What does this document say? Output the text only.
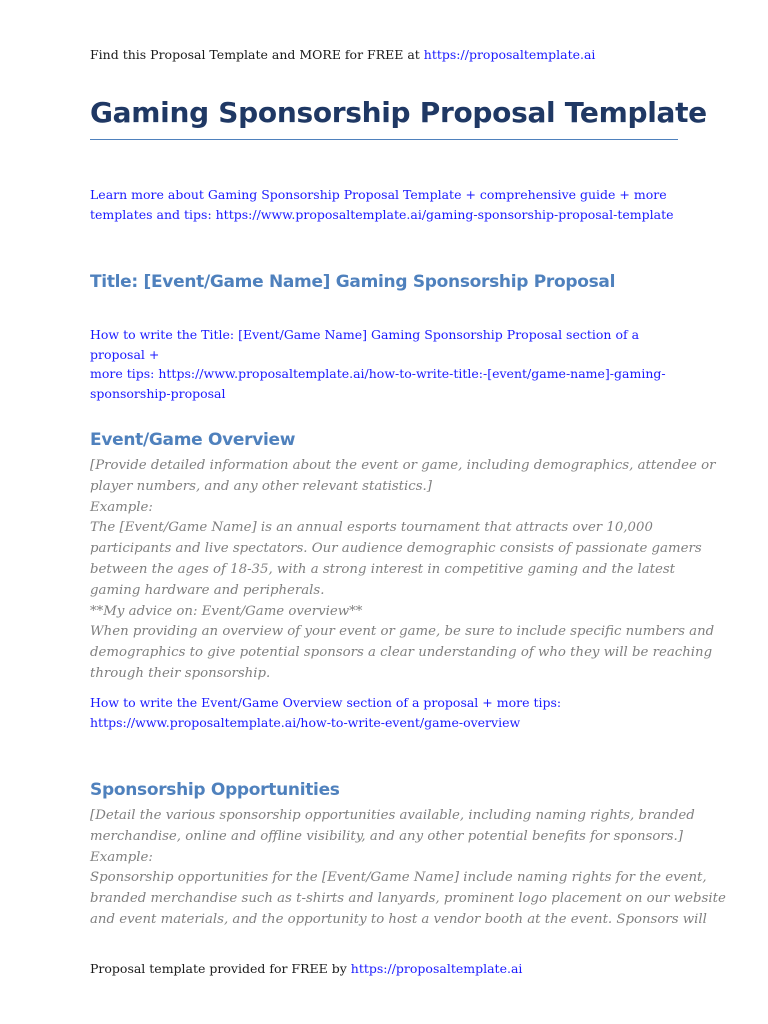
Find this Proposal Template and MORE for FREE at https://proposaltemplate.ai
Gaming Sponsorship Proposal Template
Learn more about Gaming Sponsorship Proposal Template + comprehensive guide + more
templates and tips: https://www.proposaltemplate.ai/gaming-sponsorship-proposal-template
Title: [Event/Game Name] Gaming Sponsorship Proposal
How to write the Title: [Event/Game Name] Gaming Sponsorship Proposal section of a proposal +
more tips: https://www.proposaltemplate.ai/how-to-write-title:-[event/game-name]-gaming-
sponsorship-proposal
Event/Game Overview
[Provide detailed information about the event or game, including demographics, attendee or
player numbers, and any other relevant statistics.]
Example:
The [Event/Game Name] is an annual esports tournament that attracts over 10,000
participants and live spectators. Our audience demographic consists of passionate gamers
between the ages of 18-35, with a strong interest in competitive gaming and the latest
gaming hardware and peripherals.
**My advice on: Event/Game overview**
When providing an overview of your event or game, be sure to include specific numbers and
demographics to give potential sponsors a clear understanding of who they will be reaching
through their sponsorship.
How to write the Event/Game Overview section of a proposal + more tips:
https://www.proposaltemplate.ai/how-to-write-event/game-overview
Sponsorship Opportunities
[Detail the various sponsorship opportunities available, including naming rights, branded
merchandise, online and offline visibility, and any other potential benefits for sponsors.]
Example:
Sponsorship opportunities for the [Event/Game Name] include naming rights for the event,
branded merchandise such as t-shirts and lanyards, prominent logo placement on our website
and event materials, and the opportunity to host a vendor booth at the event. Sponsors will
Proposal template provided for FREE by https://proposaltemplate.ai
